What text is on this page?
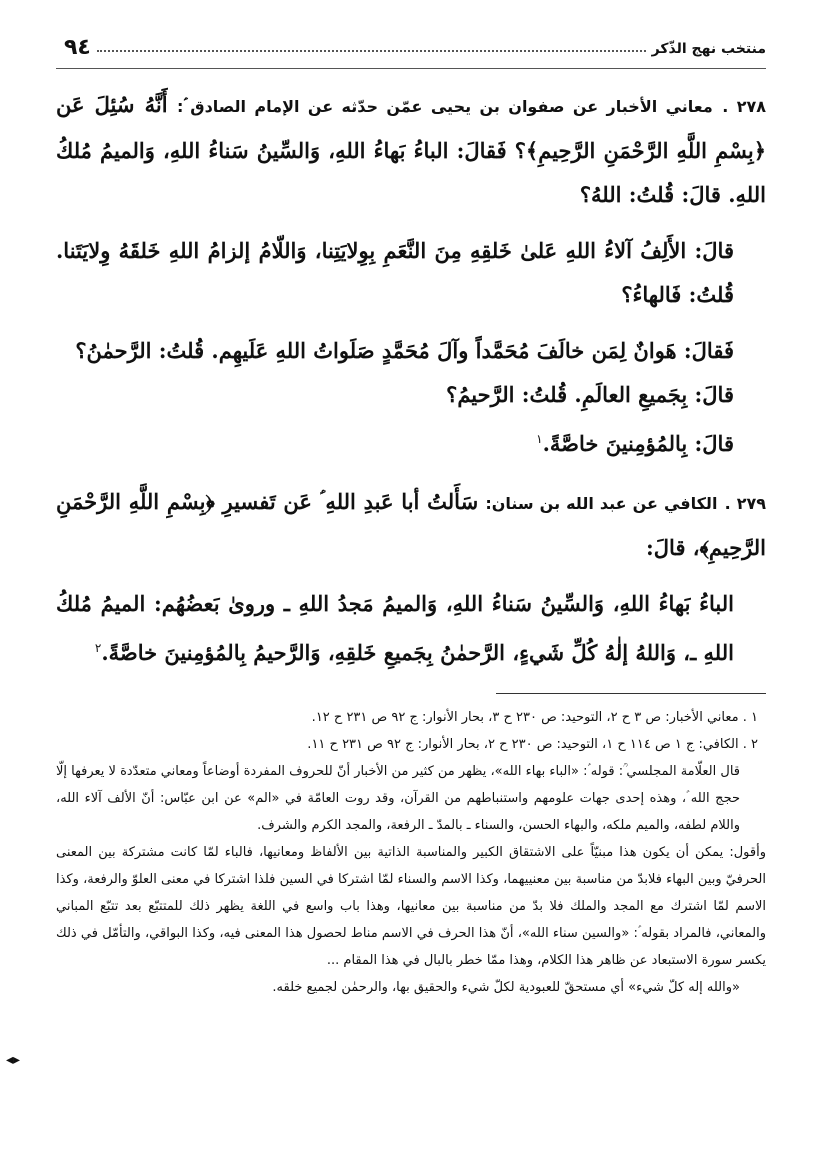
منتخب نهج الذّكر
٩٤

٢٧٨ . معاني الأخبار عن صفوان بن يحيى عمّن حدّثه عن الإمام الصادق ؑ: أَنَّهُ سُئِلَ عَن ﴿بِسْمِ اللَّهِ الرَّحْمَنِ الرَّحِيمِ﴾؟ فَقالَ: الباءُ بَهاءُ اللهِ، وَالسِّينُ سَناءُ اللهِ، وَالميمُ مُلكُ اللهِ. قالَ: قُلتُ: اللهُ؟

قالَ: الأَلِفُ آلاءُ اللهِ عَلىٰ خَلقِهِ مِنَ النَّعَمِ بِوِلايَتِنا، وَاللّامُ إلزامُ اللهِ خَلقَهُ وِلايَتَنا. قُلتُ: فَالهاءُ؟

فَقالَ: هَوانٌ لِمَن خالَفَ مُحَمَّداً وآلَ مُحَمَّدٍ صَلَواتُ اللهِ عَلَيهِم. قُلتُ: الرَّحمٰنُ؟

قالَ: بِجَميعِ العالَمِ. قُلتُ: الرَّحيمُ؟

قالَ: بِالمُؤمِنينَ خاصَّةً.$^١$

٢٧٩ . الكافي عن عبد الله بن سنان: سَأَلتُ أبا عَبدِ اللهِ ؑ عَن تَفسيرِ ﴿بِسْمِ اللَّهِ الرَّحْمَنِ الرَّحِيمِ﴾، قالَ:

الباءُ بَهاءُ اللهِ، وَالسِّينُ سَناءُ اللهِ، وَالميمُ مَجدُ اللهِ ـ وروىٰ بَعضُهُم: الميمُ مُلكُ اللهِ ـ، وَاللهُ إلٰهُ كُلِّ شَيءٍ، الرَّحمٰنُ بِجَميعِ خَلقِهِ، وَالرَّحيمُ بِالمُؤمِنينَ خاصَّةً.$^٢$

١ . معاني الأخبار: ص ٣ ح ٢، التوحيد: ص ٢٣٠ ح ٣، بحار الأنوار: ج ٩٢ ص ٢٣١ ح ١٢.

٢ . الكافي: ج ١ ص ١١٤ ح ١، التوحيد: ص ٢٣٠ ح ٢، بحار الأنوار: ج ٩٢ ص ٢٣١ ح ١١.

قال العلّامة المجلسي ؒ: قوله ؑ: «الباء بهاء الله»، يظهر من كثير من الأخبار أنّ للحروف المفردة أوضاعاً ومعاني متعدّدة لا يعرفها إلّا حجج الله ؑ، وهذه إحدى جهات علومهم واستنباطهم من القرآن، وقد روت العامّة في «الم» عن ابن عبّاس: أنّ الألف آلاء الله، واللام لطفه، والميم ملكه، والبهاء الحسن، والسناء ـ بالمدّ ـ الرفعة، والمجد الكرم والشرف.

وأقول: يمكن أن يكون هذا مبنيّاً على الاشتقاق الكبير والمناسبة الذاتية بين الألفاظ ومعانيها، فالباء لمّا كانت مشتركة بين المعنى الحرفيّ وبين البهاء فلابدّ من مناسبة بين معنييهما، وكذا الاسم والسناء لمّا اشتركا في السين فلذا اشتركا في معنى العلوّ والرفعة، وكذا الاسم لمّا اشترك مع المجد والملك فلا بدّ من مناسبة بين معانيها، وهذا باب واسع في اللغة يظهر ذلك للمتتبّع بعد تتبّع المباني والمعاني، فالمراد بقوله ؑ: «والسين سناء الله»، أنّ هذا الحرف في الاسم مناط لحصول هذا المعنى فيه، وكذا البواقي، والتأمّل في ذلك يكسر سورة الاستبعاد عن ظاهر هذا الكلام، وهذا ممّا خطر بالبال في هذا المقام ...

«والله إله كلّ شيء» أي مستحقّ للعبودية لكلّ شيء والحقيق بها، والرحمٰن لجميع خلقه.

◂▸
